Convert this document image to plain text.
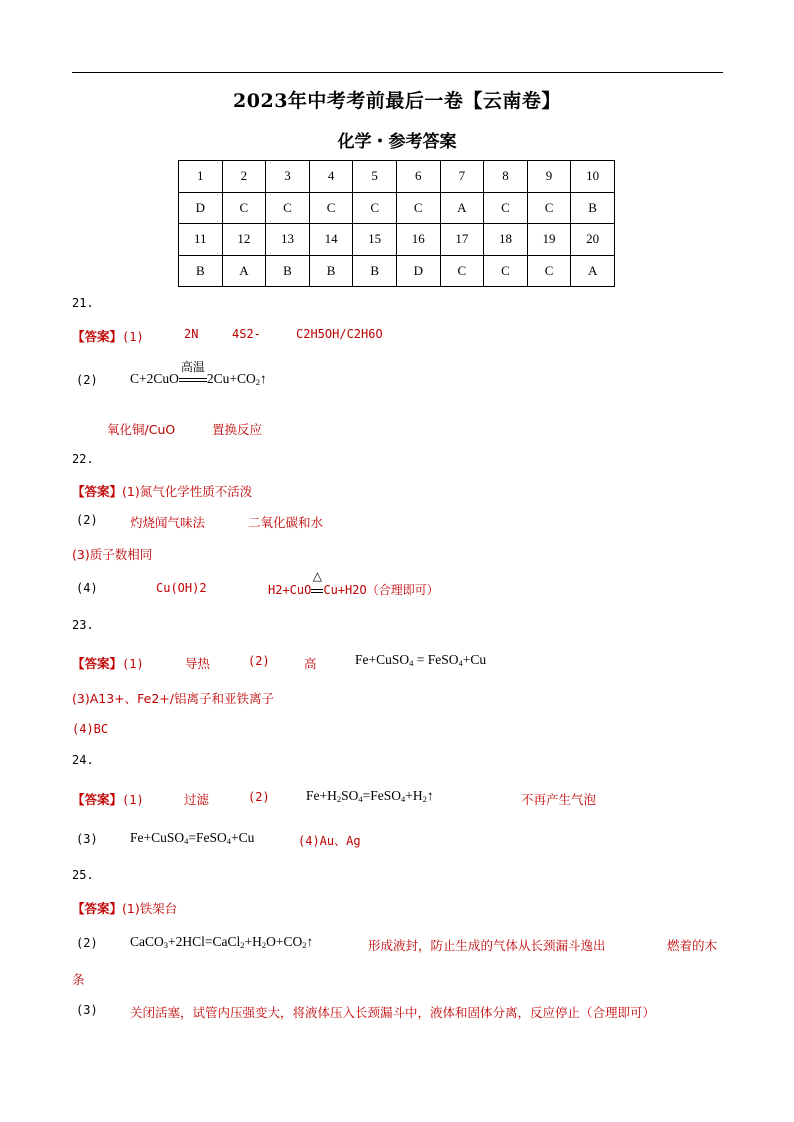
2023年中考考前最后一卷【云南卷】
化学・参考答案
1	2	3	4	5	6	7	8	9	10
D	C	C	C	C	C	A	C	C	B
11	12	13	14	15	16	17	18	19	20
B	A	B	B	B	D	C	C	C	A
21.
【答案】(1)	2N	4S2-	C2H5OH/C2H6O
(2) C+2CuO
高温
$2Cu+CO_2↑$
氧化铜/CuO	置换反应
22.
【答案】(1)氮气化学性质不活泼
(2)	灼烧闻气味法	二氧化碳和水
(3)质子数相同
(4)	Cu(OH)2	H2+CuO
△
Cu+H2O（合理即可）
23.
【答案】(1)	导热	(2)	高	Fe+CuSO$_4$ = FeSO$_4$+Cu
(3)A13+、Fe2+/铝离子和亚铁离子
(4)BC
24.
【答案】(1)	过滤	(2)	$Fe+H_2SO_4=FeSO_4+H_2↑$	不再产生气泡
(3) Fe+CuSO$_4$=FeSO$_4$+Cu	(4)Au、Ag
25.
【答案】(1)铁架台
(2) $CaCO_3+2HCl=CaCl_2+H_2O+CO_2↑$	形成液封，防止生成的气体从长颈漏斗逸出	燃着的木
条
(3)	关闭活塞，试管内压强变大，将液体压入长颈漏斗中，液体和固体分离，反应停止（合理即可）
